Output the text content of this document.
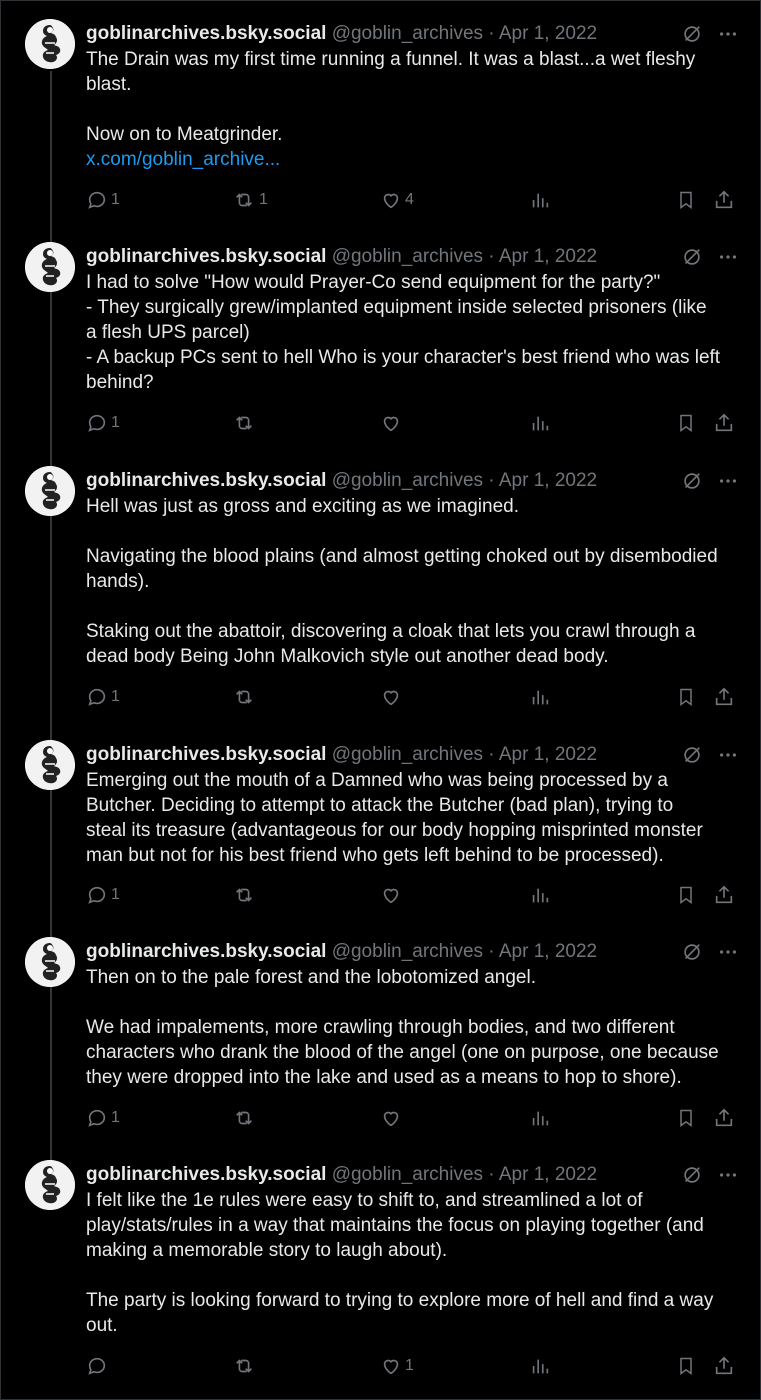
goblinarchives.bsky.social @goblin_archives · Apr 1, 2022

The Drain was my first time running a funnel. It was a blast...a wet fleshy

blast.

Now on to Meatgrinder.

x.com/goblin_archive...

1	1	4
goblinarchives.bsky.social @goblin_archives · Apr 1, 2022

I had to solve "How would Prayer-Co send equipment for the party?"

- They surgically grew/implanted equipment inside selected prisoners (like

a flesh UPS parcel)

- A backup PCs sent to hell Who is your character's best friend who was left

behind?

1
goblinarchives.bsky.social @goblin_archives · Apr 1, 2022

Hell was just as gross and exciting as we imagined.

Navigating the blood plains (and almost getting choked out by disembodied

hands).

Staking out the abattoir, discovering a cloak that lets you crawl through a

dead body Being John Malkovich style out another dead body.

1
goblinarchives.bsky.social @goblin_archives · Apr 1, 2022

Emerging out the mouth of a Damned who was being processed by a

Butcher. Deciding to attempt to attack the Butcher (bad plan), trying to

steal its treasure (advantageous for our body hopping misprinted monster

man but not for his best friend who gets left behind to be processed).

1
goblinarchives.bsky.social @goblin_archives · Apr 1, 2022

Then on to the pale forest and the lobotomized angel.

We had impalements, more crawling through bodies, and two different

characters who drank the blood of the angel (one on purpose, one because

they were dropped into the lake and used as a means to hop to shore).

1
goblinarchives.bsky.social @goblin_archives · Apr 1, 2022

I felt like the 1e rules were easy to shift to, and streamlined a lot of

play/stats/rules in a way that maintains the focus on playing together (and

making a memorable story to laugh about).

The party is looking forward to trying to explore more of hell and find a way

out.

1
